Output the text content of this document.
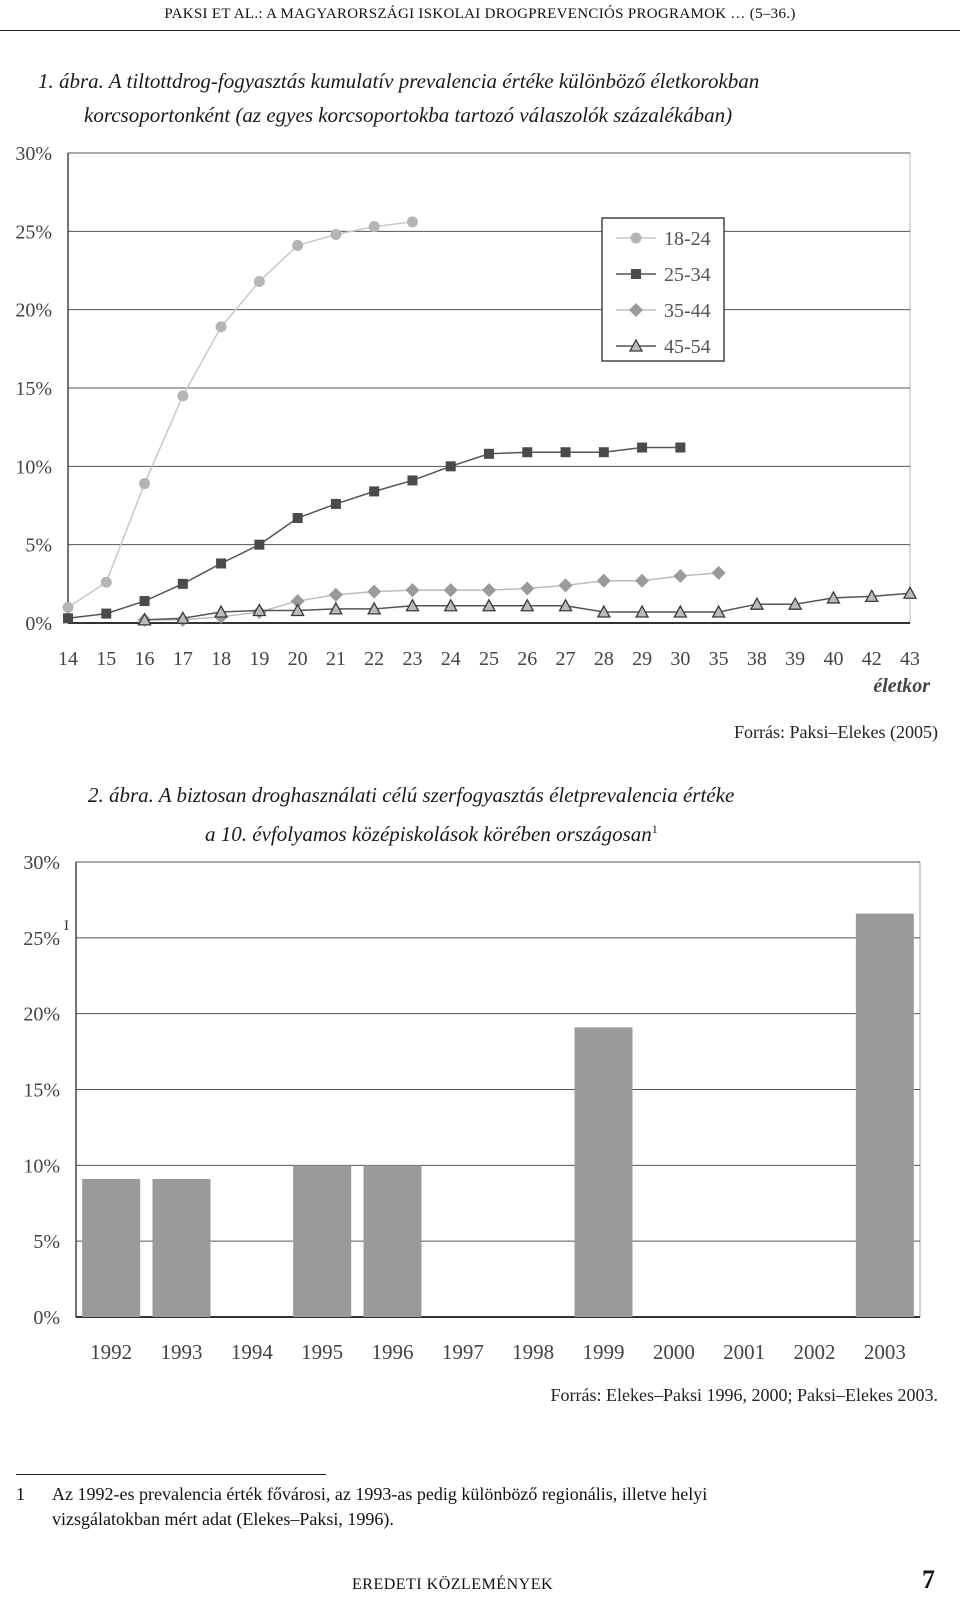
PAKSI ET AL.: A MAGYARORSZÁGI ISKOLAI DROGPREVENCIÓS PROGRAMOK … (5–36.)
1. ábra. A tiltottdrog-fogyasztás kumulatív prevalencia értéke különböző életkorokban
korcsoportonként (az egyes korcsoportokba tartozó válaszolók százalékában)
0%
5%
10%
15%
20%
25%
30%
14 15 16 17 18 19 20 21 22 23 24 25 26 27 28 29 30 35 38 39 40 42 43
18-24
25-34
35-44
45-54
életkor
Forrás: Paksi–Elekes (2005)
2. ábra. A biztosan droghasználati célú szerfogyasztás életprevalencia értéke
a 10. évfolyamos középiskolások körében országosan$^1$
0%
5%
10%
15%
20%
25%
30%
1992 1993 1994 1995 1996 1997 1998 1999 2000 2001 2002 2003
I
Forrás: Elekes–Paksi 1996, 2000; Paksi–Elekes 2003.
1 Az 1992-es prevalencia érték fővárosi, az 1993-as pedig különböző regionális, illetve helyi
vizsgálatokban mért adat (Elekes–Paksi, 1996).
EREDETI KÖZLEMÉNYEK	7
